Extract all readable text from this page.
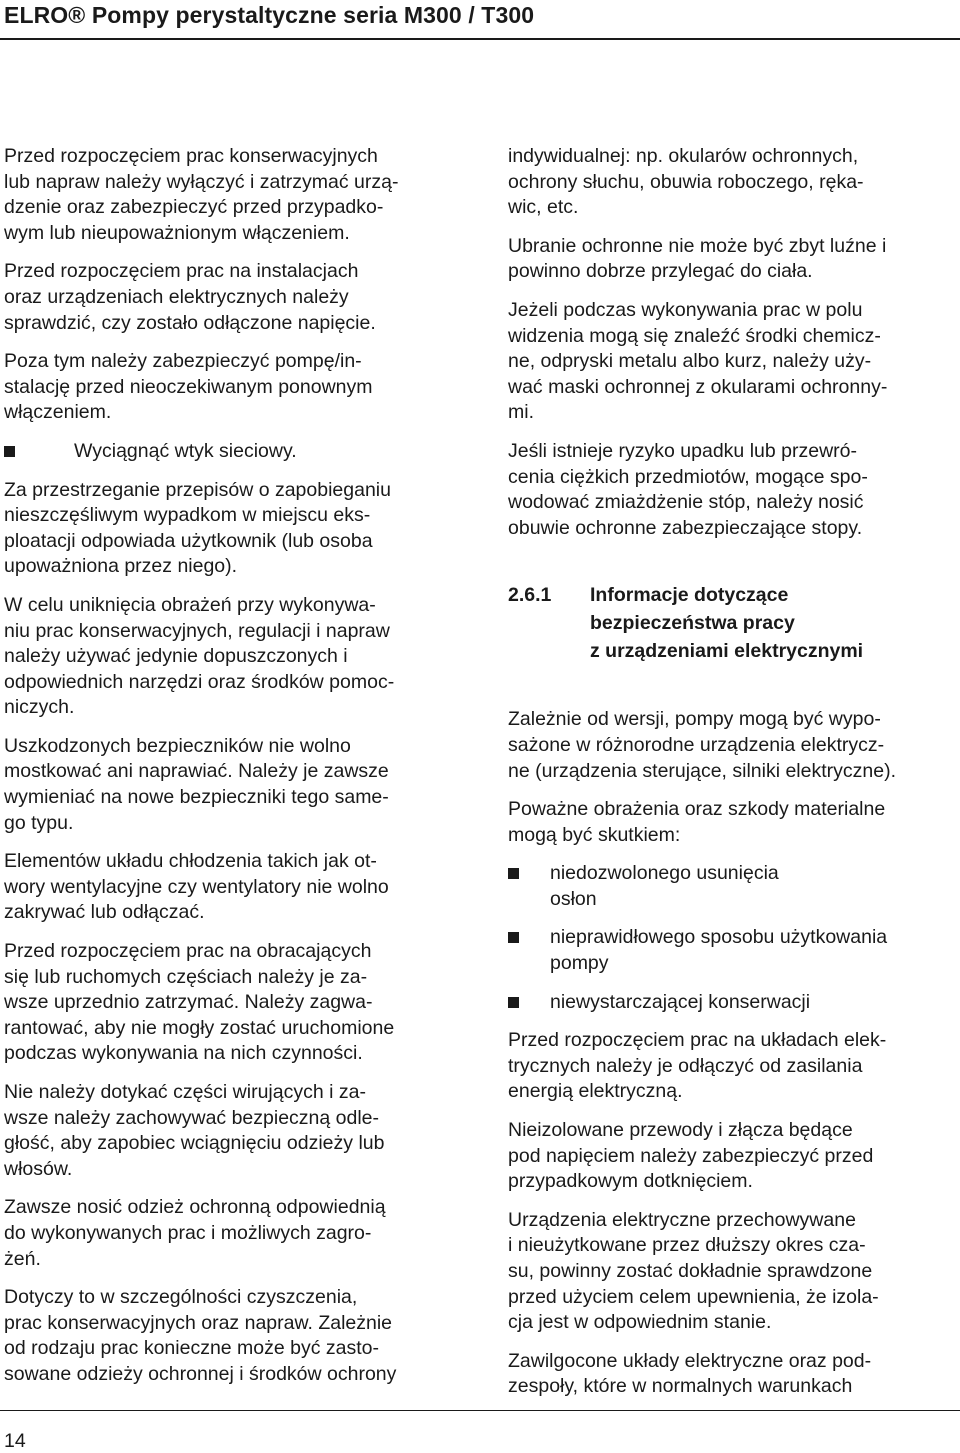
ELRO® Pompy perystaltyczne seria M300 / T300

Przed rozpoczęciem prac konserwacyjnych
lub napraw należy wyłączyć i zatrzymać urzą-
dzenie oraz zabezpieczyć przed przypadko-
wym lub nieupoważnionym włączeniem.

Przed rozpoczęciem prac na instalacjach
oraz urządzeniach elektrycznych należy
sprawdzić, czy zostało odłączone napięcie.

Poza tym należy zabezpieczyć pompę/in-
stalację przed nieoczekiwanym ponownym
włączeniem.

Wyciągnąć wtyk sieciowy.

Za przestrzeganie przepisów o zapobieganiu
nieszczęśliwym wypadkom w miejscu eks-
ploatacji odpowiada użytkownik (lub osoba
upoważniona przez niego).

W celu uniknięcia obrażeń przy wykonywa-
niu prac konserwacyjnych, regulacji i napraw
należy używać jedynie dopuszczonych i
odpowiednich narzędzi oraz środków pomoc-
niczych.

Uszkodzonych bezpieczników nie wolno
mostkować ani naprawiać. Należy je zawsze
wymieniać na nowe bezpieczniki tego samе-
go typu.

Elementów układu chłodzenia takich jak ot-
wory wentylacyjne czy wentylatory nie wolno
zakrywać lub odłączać.

Przed rozpoczęciem prac na obracających
się lub ruchomych częściach należy je za-
wsze uprzednio zatrzymać. Należy zagwa-
rantować, aby nie mogły zostać uruchomione
podczas wykonywania na nich czynności.

Nie należy dotykać części wirujących i za-
wsze należy zachowywać bezpieczną odle-
głość, aby zapobiec wciągnięciu odzieży lub
włosów.

Zawsze nosić odzież ochronną odpowiednią
do wykonywanych prac i możliwych zagro-
żeń.

Dotyczy to w szczególności czyszczenia,
prac konserwacyjnych oraz napraw. Zależnie
od rodzaju prac konieczne może być zasto-
sowane odzieży ochronnej i środków ochrony

indywidualnej: np. okularów ochronnych,
ochrony słuchu, obuwia roboczego, ręka-
wic, etc.

Ubranie ochronne nie może być zbyt luźne i
powinno dobrze przylegać do ciała.

Jeżeli podczas wykonywania prac w polu
widzenia mogą się znaleźć środki chemicz-
ne, odpryski metalu albo kurz, należy uży-
wać maski ochronnej z okularami ochronny-
mi.

Jeśli istnieje ryzyko upadku lub przewró-
cenia ciężkich przedmiotów, mogące spo-
wodować zmiażdżenie stóp, należy nosić
obuwie ochronne zabezpieczające stopy.

2.6.1	Informacje dotyczące
bezpieczeństwa pracy
z urządzeniami elektrycznymi

Zależnie od wersji, pompy mogą być wypo-
sażone w różnorodne urządzenia elektrycz-
ne (urządzenia sterujące, silniki elektryczne).

Poważne obrażenia oraz szkody materialne
mogą być skutkiem:

niedozwolonego usunięcia
osłon
nieprawidłowego sposobu użytkowania
pompy
niewystarczającej konserwacji

Przed rozpoczęciem prac na układach elek-
trycznych należy je odłączyć od zasilania
energią elektryczną.

Nieizolowane przewody i złącza będące
pod napięciem należy zabezpieczyć przed
przypadkowym dotknięciem.

Urządzenia elektryczne przechowywane
i nieużytkowane przez dłuższy okres cza-
su, powinny zostać dokładnie sprawdzone
przed użyciem celem upewnienia, że izola-
cja jest w odpowiednim stanie.

Zawilgocone układy elektryczne oraz pod-
zespoły, które w normalnych warunkach

14
